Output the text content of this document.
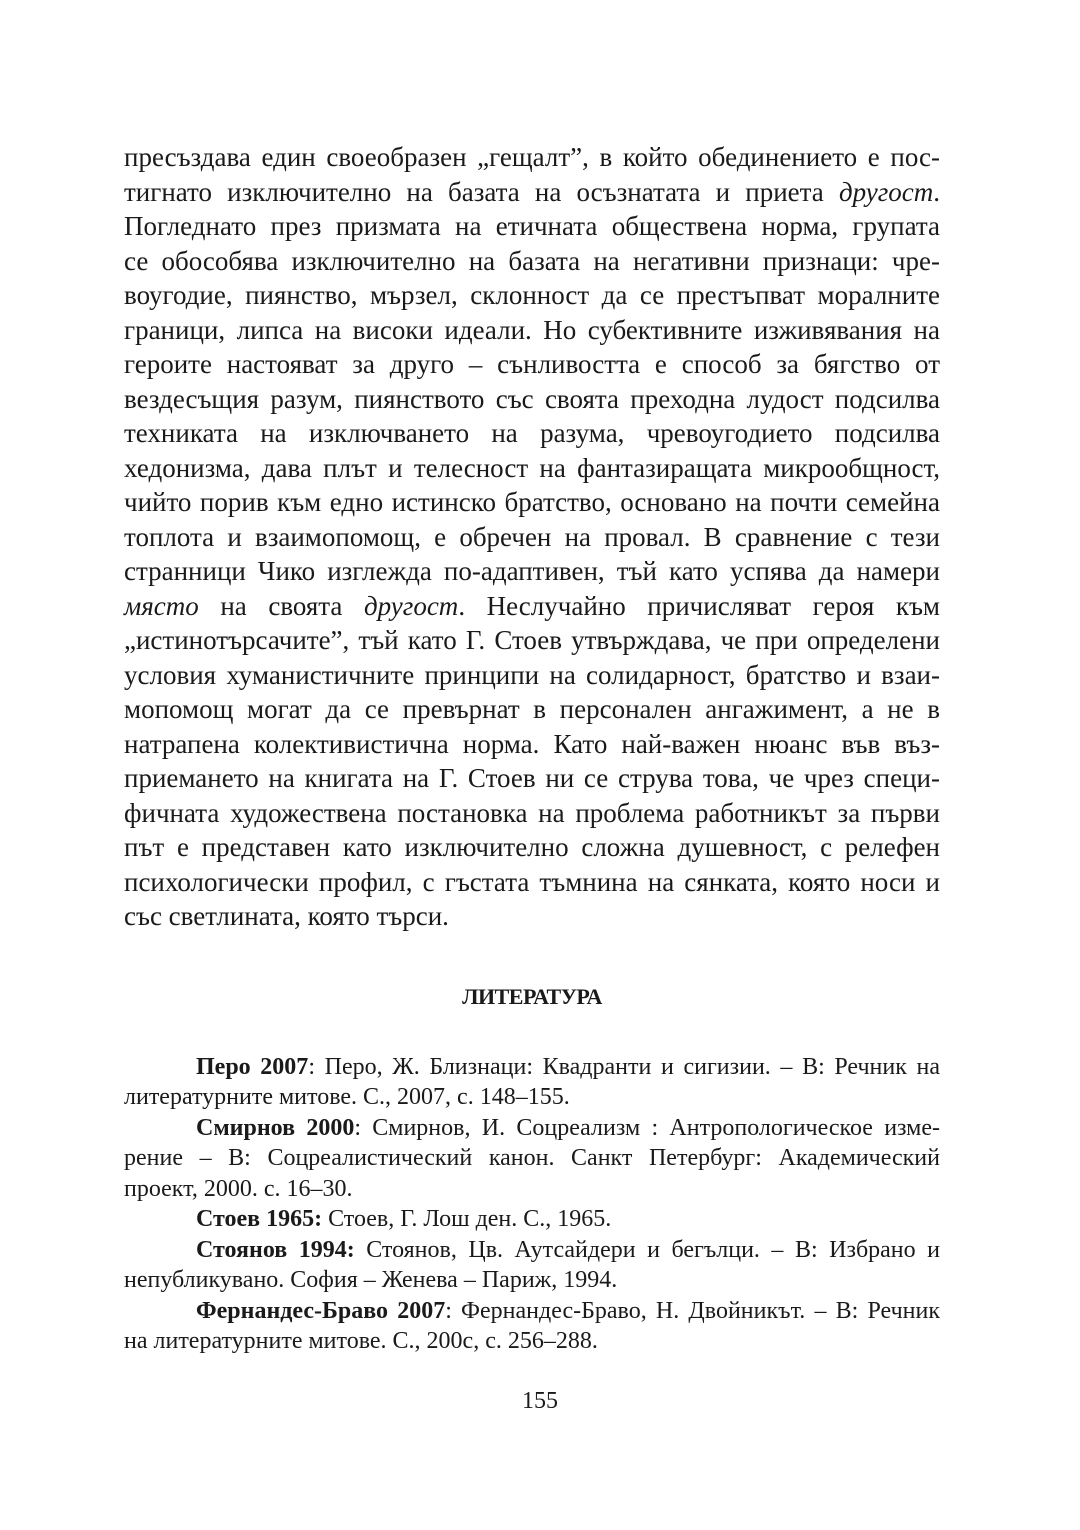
пресъздава един своеобразен „гещалт”, в който обединението е пос-
тигнато изключително на базата на осъзнатата и приета другост.
Погледнато през призмата на етичната обществена норма, групата
се обособява изключително на базата на негативни признаци: чре-
воугодие, пиянство, мързел, склонност да се престъпват моралните
граници, липса на високи идеали. Но субективните изживявания на
героите настояват за друго – сънливостта е способ за бягство от
вездесъщия разум, пиянството със своята преходна лудост подсилва
техниката на изключването на разума, чревоугодието подсилва
хедонизма, дава плът и телесност на фантазиращата микрообщност,
чийто порив към едно истинско братство, основано на почти семейна
топлота и взаимопомощ, е обречен на провал. В сравнение с тези
странници Чико изглежда по-адаптивен, тъй като успява да намери
място на своята другост. Неслучайно причисляват героя към
„истинотърсачите”, тъй като Г. Стоев утвърждава, че при определени
условия хуманистичните принципи на солидарност, братство и взаи-
мопомощ могат да се превърнат в персонален ангажимент, а не в
натрапена колективистична норма. Като най-важен нюанс във въз-
приемането на книгата на Г. Стоев ни се струва това, че чрез специ-
фичната художествена постановка на проблема работникът за първи
път е представен като изключително сложна душевност, с релефен
психологически профил, с гъстата тъмнина на сянката, която носи и
със светлината, която търси.
ЛИТЕРАТУРА
Перо 2007: Перо, Ж. Близнаци: Квадранти и сигизии. – В: Речник на
литературните митове. С., 2007, с. 148–155.
Смирнов 2000: Смирнов, И. Соцреализм : Антропологическое изме-
рение – В: Соцреалистический канон. Санкт Петербург: Академический
проект, 2000. с. 16–30.
Стоев 1965: Стоев, Г. Лош ден. С., 1965.
Стоянов 1994: Стоянов, Цв. Аутсайдери и бегълци. – В: Избрано и
непубликувано. София – Женева – Париж, 1994.
Фернандес-Браво 2007: Фернандес-Браво, Н. Двойникът. – В: Речник
на литературните митове. С., 200с, с. 256–288.
155
